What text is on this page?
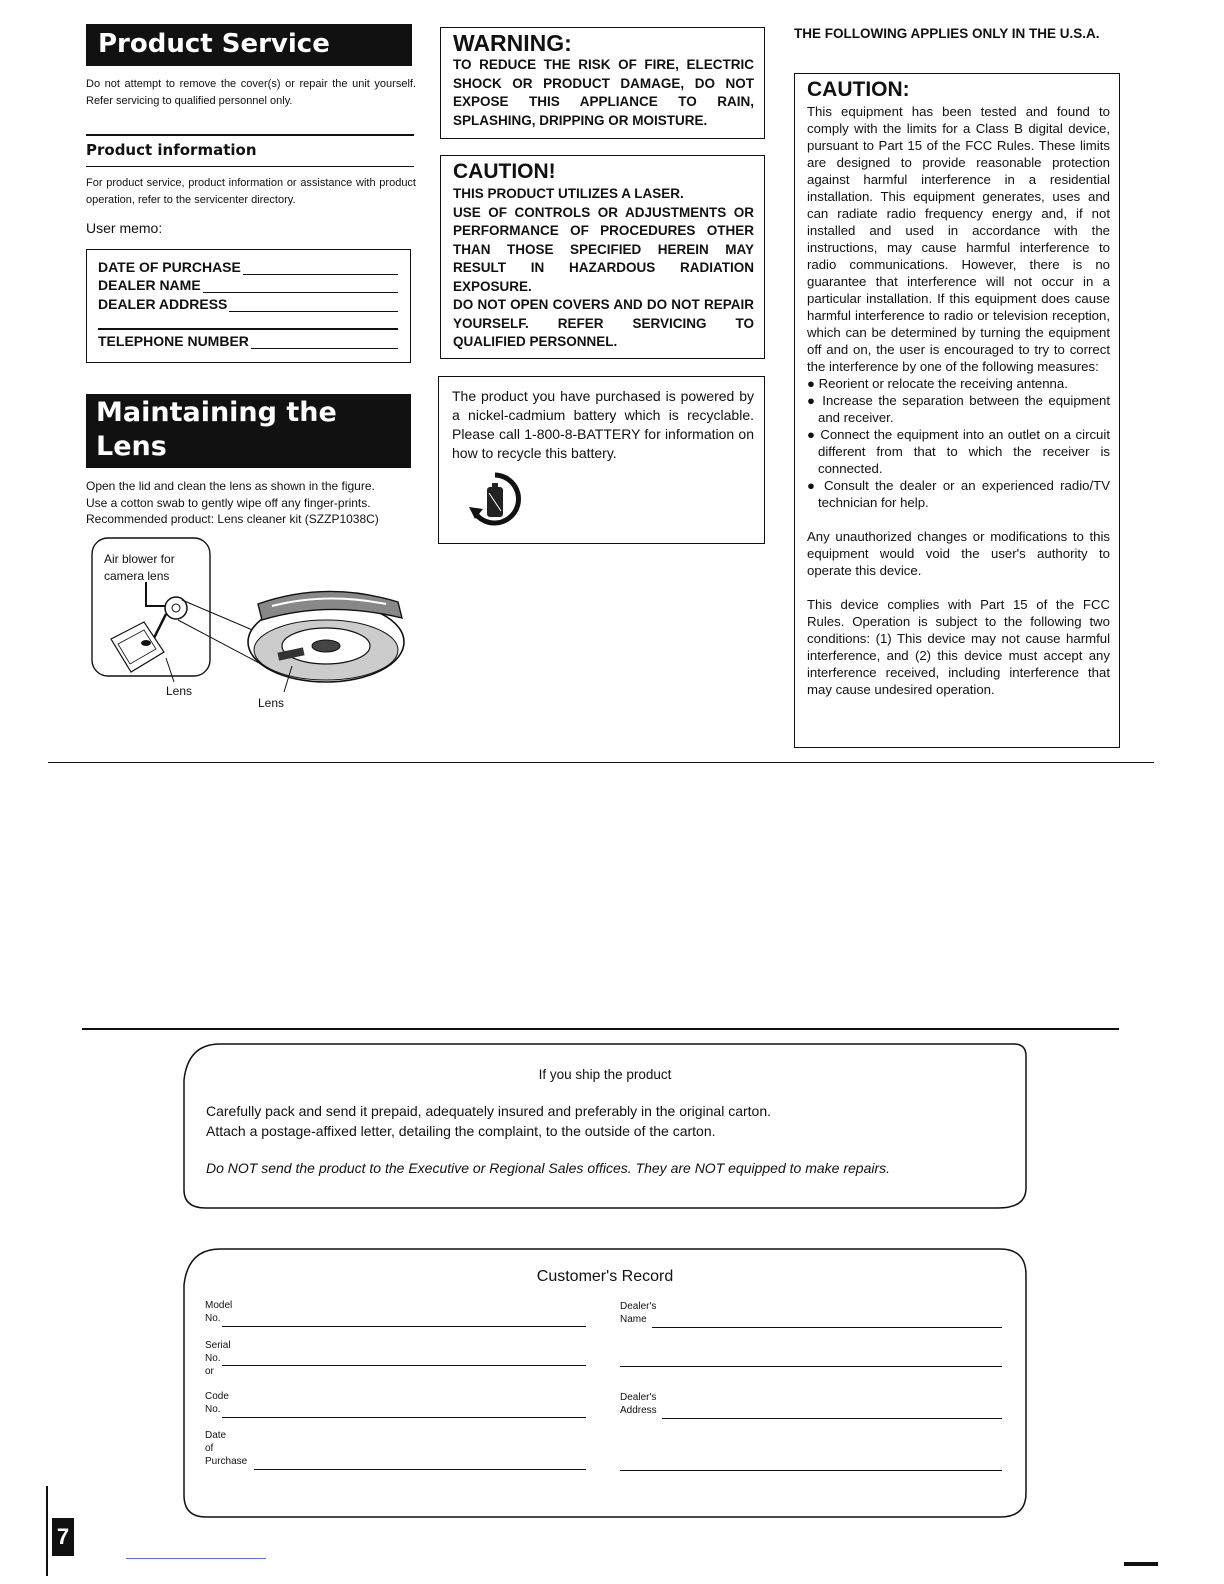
Product Service
Do not attempt to remove the cover(s) or repair the unit yourself. Refer servicing to qualified personnel only.
Product information
For product service, product information or assistance with product operation, refer to the servicenter directory.
User memo:
DATE OF PURCHASE
DEALER NAME
DEALER ADDRESS
TELEPHONE NUMBER
Maintaining the
Lens
Open the lid and clean the lens as shown in the figure.
Use a cotton swab to gently wipe off any finger-prints.
Recommended product: Lens cleaner kit (SZZP1038C)
Lens
Lens
Air blower for
camera lens
WARNING:
TO REDUCE THE RISK OF FIRE, ELECTRIC SHOCK OR PRODUCT DAMAGE, DO NOT EXPOSE THIS APPLIANCE TO RAIN, SPLASHING, DRIPPING OR MOISTURE.
CAUTION!
THIS PRODUCT UTILIZES A LASER.
USE OF CONTROLS OR ADJUSTMENTS OR PERFORMANCE OF PROCEDURES OTHER THAN THOSE SPECIFIED HEREIN MAY RESULT IN HAZARDOUS RADIATION EXPOSURE.
DO NOT OPEN COVERS AND DO NOT REPAIR YOURSELF. REFER SERVICING TO QUALIFIED PERSONNEL.
The product you have purchased is powered by a nickel-cadmium battery which is recyclable. Please call 1-800-8-BATTERY for information on how to recycle this battery.
THE FOLLOWING APPLIES ONLY IN THE U.S.A.
CAUTION:

This equipment has been tested and found to comply with the limits for a Class B digital device, pursuant to Part 15 of the FCC Rules. These limits are designed to provide reasonable protection against harmful interference in a residential installation. This equipment generates, uses and can radiate radio frequency energy and, if not installed and used in accordance with the instructions, may cause harmful interference to radio communications. However, there is no guarantee that interference will not occur in a particular installation. If this equipment does cause harmful interference to radio or television reception, which can be determined by turning the equipment off and on, the user is encouraged to try to correct the interference by one of the following measures:

● Reorient or relocate the receiving antenna.

● Increase the separation between the equipment and receiver.

● Connect the equipment into an outlet on a circuit different from that to which the receiver is connected.

● Consult the dealer or an experienced radio/TV technician for help.

Any unauthorized changes or modifications to this equipment would void the user's authority to operate this device.

This device complies with Part 15 of the FCC Rules. Operation is subject to the following two conditions: (1) This device may not cause harmful interference, and (2) this device must accept any interference received, including interference that may cause undesired operation.

If you ship the product
Carefully pack and send it prepaid, adequately insured and preferably in the original carton.
Attach a postage-affixed letter, detailing the complaint, to the outside of the carton.
Do NOT send the product to the Executive or Regional Sales offices. They are NOT equipped to make repairs.
Customer's Record
Model
No.
Serial
No.
or
Code
No.
Date
of
Purchase
Dealer's
Name
Dealer's
Address
7
